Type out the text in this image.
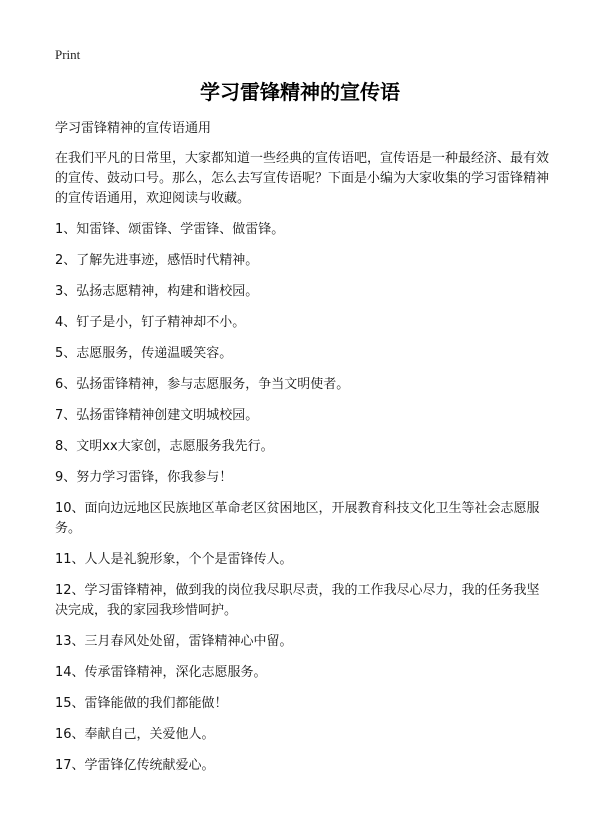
Print
学习雷锋精神的宣传语

学习雷锋精神的宣传语通用

在我们平凡的日常里，大家都知道一些经典的宣传语吧，宣传语是一种最经济、最有效的宣传、鼓动口号。那么，怎么去写宣传语呢？下面是小编为大家收集的学习雷锋精神的宣传语通用，欢迎阅读与收藏。

1、知雷锋、颂雷锋、学雷锋、做雷锋。
2、了解先进事迹，感悟时代精神。
3、弘扬志愿精神，构建和谐校园。
4、钉子是小，钉子精神却不小。
5、志愿服务，传递温暖笑容。
6、弘扬雷锋精神，参与志愿服务，争当文明使者。
7、弘扬雷锋精神创建文明城校园。
8、文明xx大家创，志愿服务我先行。
9、努力学习雷锋，你我参与！
10、面向边远地区民族地区革命老区贫困地区，开展教育科技文化卫生等社会志愿服务。
11、人人是礼貌形象，个个是雷锋传人。
12、学习雷锋精神，做到我的岗位我尽职尽责，我的工作我尽心尽力，我的任务我坚决完成，我的家园我珍惜呵护。
13、三月春风处处留，雷锋精神心中留。
14、传承雷锋精神，深化志愿服务。
15、雷锋能做的我们都能做！
16、奉献自己，关爱他人。
17、学雷锋亿传统献爱心。
